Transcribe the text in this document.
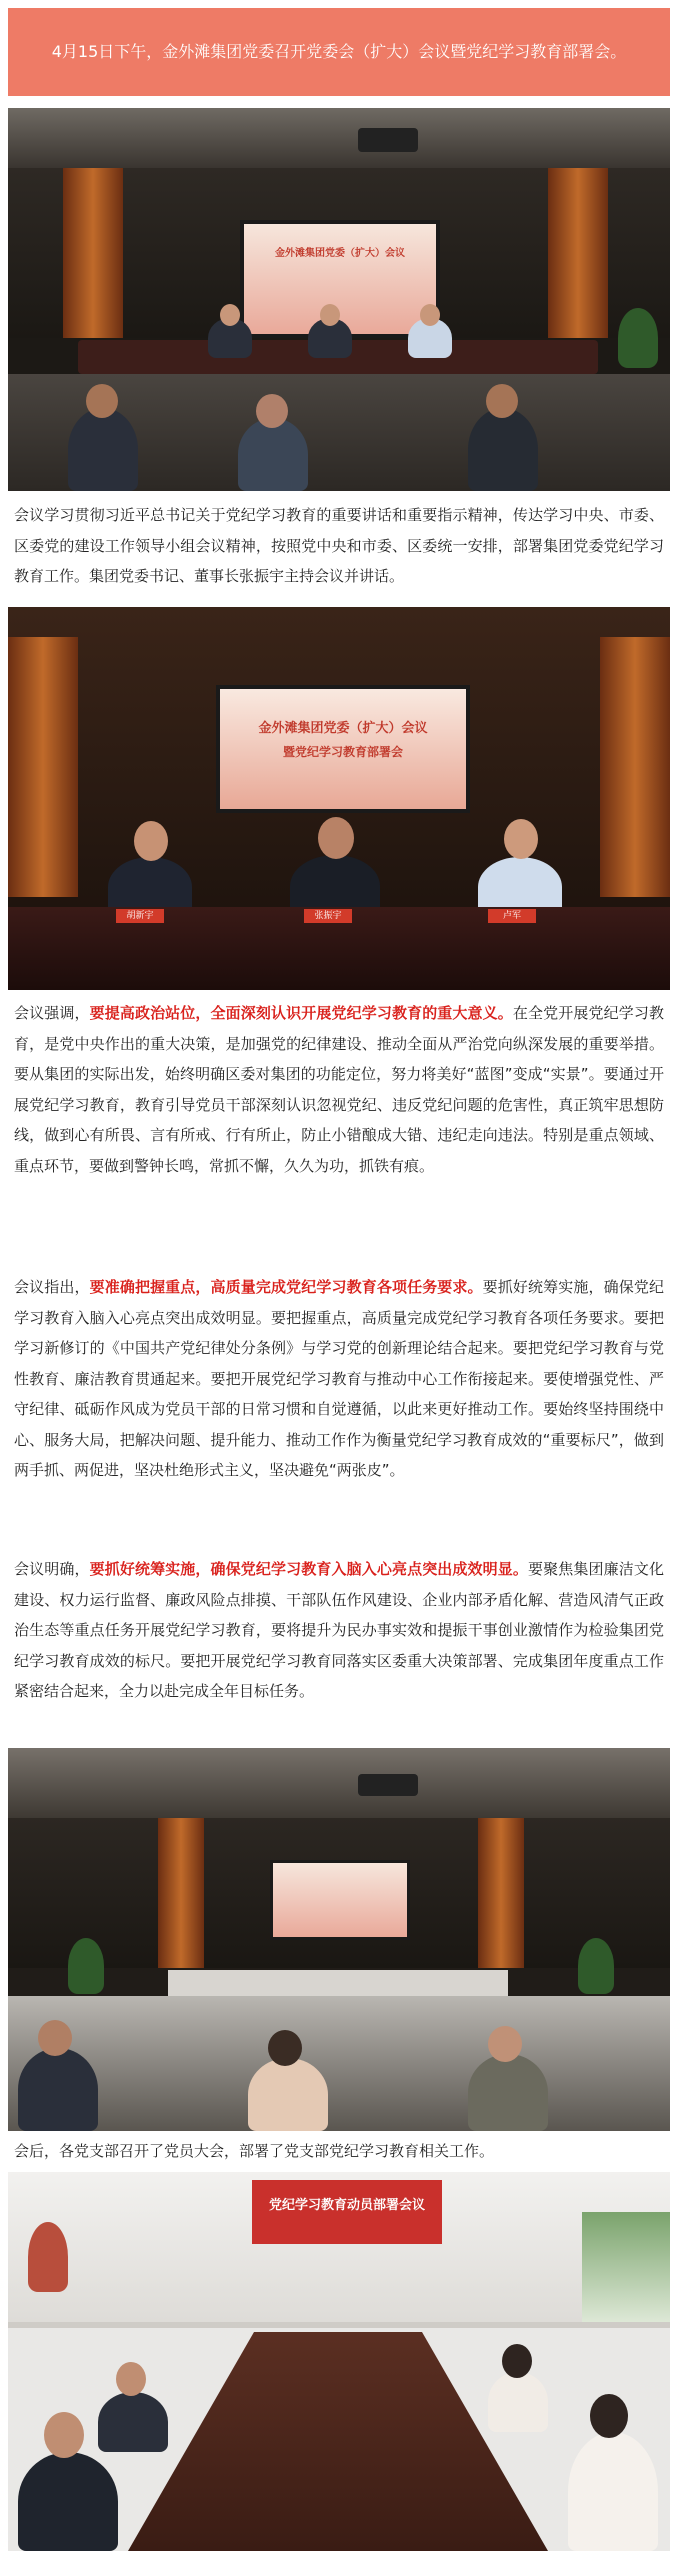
4月15日下午，金外滩集团党委召开党委会（扩大）会议暨党纪学习教育部署会。
金外滩集团党委（扩大）会议

会议学习贯彻习近平总书记关于党纪学习教育的重要讲话和重要指示精神，传达学习中央、市委、区委党的建设工作领导小组会议精神，按照党中央和市委、区委统一安排，部署集团党委党纪学习教育工作。集团党委书记、董事长张振宇主持会议并讲话。

金外滩集团党委（扩大）会议
暨党纪学习教育部署会
胡新宇	张振宇	卢军

会议强调，要提高政治站位，全面深刻认识开展党纪学习教育的重大意义。在全党开展党纪学习教育，是党中央作出的重大决策，是加强党的纪律建设、推动全面从严治党向纵深发展的重要举措。要从集团的实际出发，始终明确区委对集团的功能定位，努力将美好“蓝图”变成“实景”。要通过开展党纪学习教育，教育引导党员干部深刻认识忽视党纪、违反党纪问题的危害性，真正筑牢思想防线，做到心有所畏、言有所戒、行有所止，防止小错酿成大错、违纪走向违法。特别是重点领域、重点环节，要做到警钟长鸣，常抓不懈，久久为功，抓铁有痕。

会议指出，要准确把握重点，高质量完成党纪学习教育各项任务要求。要抓好统筹实施，确保党纪学习教育入脑入心亮点突出成效明显。要把握重点，高质量完成党纪学习教育各项任务要求。要把学习新修订的《中国共产党纪律处分条例》与学习党的创新理论结合起来。要把党纪学习教育与党性教育、廉洁教育贯通起来。要把开展党纪学习教育与推动中心工作衔接起来。要使增强党性、严守纪律、砥砺作风成为党员干部的日常习惯和自觉遵循，以此来更好推动工作。要始终坚持围绕中心、服务大局，把解决问题、提升能力、推动工作作为衡量党纪学习教育成效的“重要标尺”，做到两手抓、两促进，坚决杜绝形式主义，坚决避免“两张皮”。

会议明确，要抓好统筹实施，确保党纪学习教育入脑入心亮点突出成效明显。要聚焦集团廉洁文化建设、权力运行监督、廉政风险点排摸、干部队伍作风建设、企业内部矛盾化解、营造风清气正政治生态等重点任务开展党纪学习教育，要将提升为民办事实效和提振干事创业激情作为检验集团党纪学习教育成效的标尺。要把开展党纪学习教育同落实区委重大决策部署、完成集团年度重点工作紧密结合起来，全力以赴完成全年目标任务。

会后，各党支部召开了党员大会，部署了党支部党纪学习教育相关工作。

党纪学习教育动员部署会议
